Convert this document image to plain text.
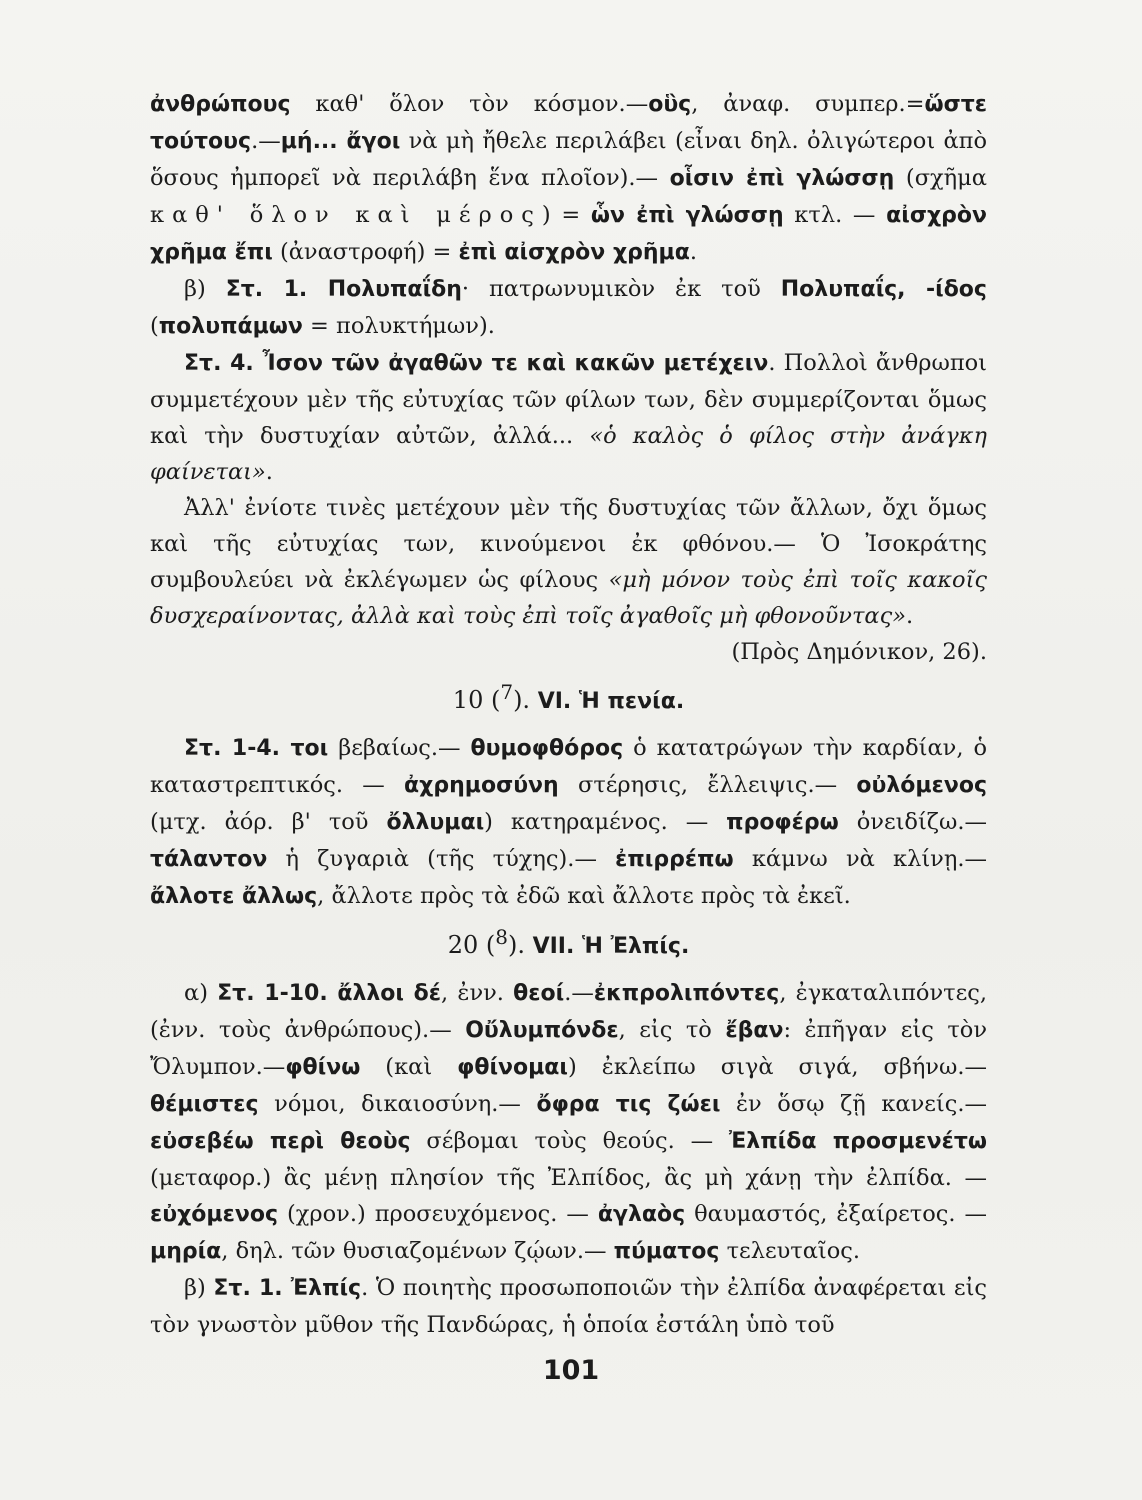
ἀνθρώπους καθ' ὅλον τὸν κόσμον.—οὓς, ἀναφ. συμπερ.=ὥστε τούτους.—μή... ἄγοι νὰ μὴ ἤθελε περιλάβει (εἶναι δηλ. ὀλιγώτεροι ἀπὸ ὅσους ἠμπορεῖ νὰ περιλάβη ἕνα πλοῖον).— οἷσιν ἐπὶ γλώσσῃ (σχῆμα καθ' ὅλον καὶ μέρος) = ὧν ἐπὶ γλώσσῃ κτλ. — αἰσχρὸν χρῆμα ἔπι (ἀναστροφή) = ἐπὶ αἰσχρὸν χρῆμα.

β) Στ. 1. Πολυπαΐδη· πατρωνυμικὸν ἐκ τοῦ Πολυπαΐς, -ίδος (πολυπάμων = πολυκτήμων).

Στ. 4. Ἶσον τῶν ἀγαθῶν τε καὶ κακῶν μετέχειν. Πολλοὶ ἄνθρωποι συμμετέχουν μὲν τῆς εὐτυχίας τῶν φίλων των, δὲν συμμερίζονται ὅμως καὶ τὴν δυστυχίαν αὐτῶν, ἀλλά... «ὁ καλὸς ὁ φίλος στὴν ἀνάγκη φαίνεται».

Ἀλλ' ἐνίοτε τινὲς μετέχουν μὲν τῆς δυστυχίας τῶν ἄλλων, ὄχι ὅμως καὶ τῆς εὐτυχίας των, κινούμενοι ἐκ φθόνου.— Ὁ Ἰσοκράτης συμβουλεύει νὰ ἐκλέγωμεν ὡς φίλους «μὴ μόνον τοὺς ἐπὶ τοῖς κακοῖς δυσχεραίνοντας, ἀλλὰ καὶ τοὺς ἐπὶ τοῖς ἀγαθοῖς μὴ φθονοῦντας».

(Πρὸς Δημόνικον, 26).

10 ($^7$). VI. Ἡ πενία.

Στ. 1-4. τοι βεβαίως.— θυμοφθόρος ὁ κατατρώγων τὴν καρδίαν, ὁ καταστρεπτικός. — ἀχρημοσύνη στέρησις, ἔλλειψις.— οὐλόμενος (μτχ. ἀόρ. β' τοῦ ὄλλυμαι) κατηραμένος. — προφέρω ὀνειδίζω.— τάλαντον ἡ ζυγαριὰ (τῆς τύχης).— ἐπιρρέπω κάμνω νὰ κλίνῃ.— ἄλλοτε ἄλλως, ἄλλοτε πρὸς τὰ ἐδῶ καὶ ἄλλοτε πρὸς τὰ ἐκεῖ.

20 ($^8$). VII. Ἡ Ἐλπίς.

α) Στ. 1-10. ἄλλοι δέ, ἐνν. θεοί.—ἐκπρολιπόντες, ἐγκαταλιπόντες, (ἐνν. τοὺς ἀνθρώπους).— Οὔλυμπόνδε, εἰς τὸ ἔβαν: ἐπῆγαν εἰς τὸν Ὄλυμπον.—φθίνω (καὶ φθίνομαι) ἐκλείπω σιγὰ σιγά, σβήνω.— θέμιστες νόμοι, δικαιοσύνη.— ὄφρα τις ζώει ἐν ὅσῳ ζῇ κανείς.—εὐσεβέω περὶ θεοὺς σέβομαι τοὺς θεούς. — Ἐλπίδα προσμενέτω (μεταφορ.) ἂς μένῃ πλησίον τῆς Ἐλπίδος, ἂς μὴ χάνῃ τὴν ἐλπίδα. — εὐχόμενος (χρον.) προσευχόμενος. — ἀγλαὸς θαυμαστός, ἐξαίρετος. — μηρία, δηλ. τῶν θυσιαζομένων ζῴων.— πύματος τελευταῖος.

β) Στ. 1. Ἐλπίς. Ὁ ποιητὴς προσωποποιῶν τὴν ἐλπίδα ἀναφέρεται εἰς τὸν γνωστὸν μῦθον τῆς Πανδώρας, ἡ ὁποία ἐστάλη ὑπὸ τοῦ

101
